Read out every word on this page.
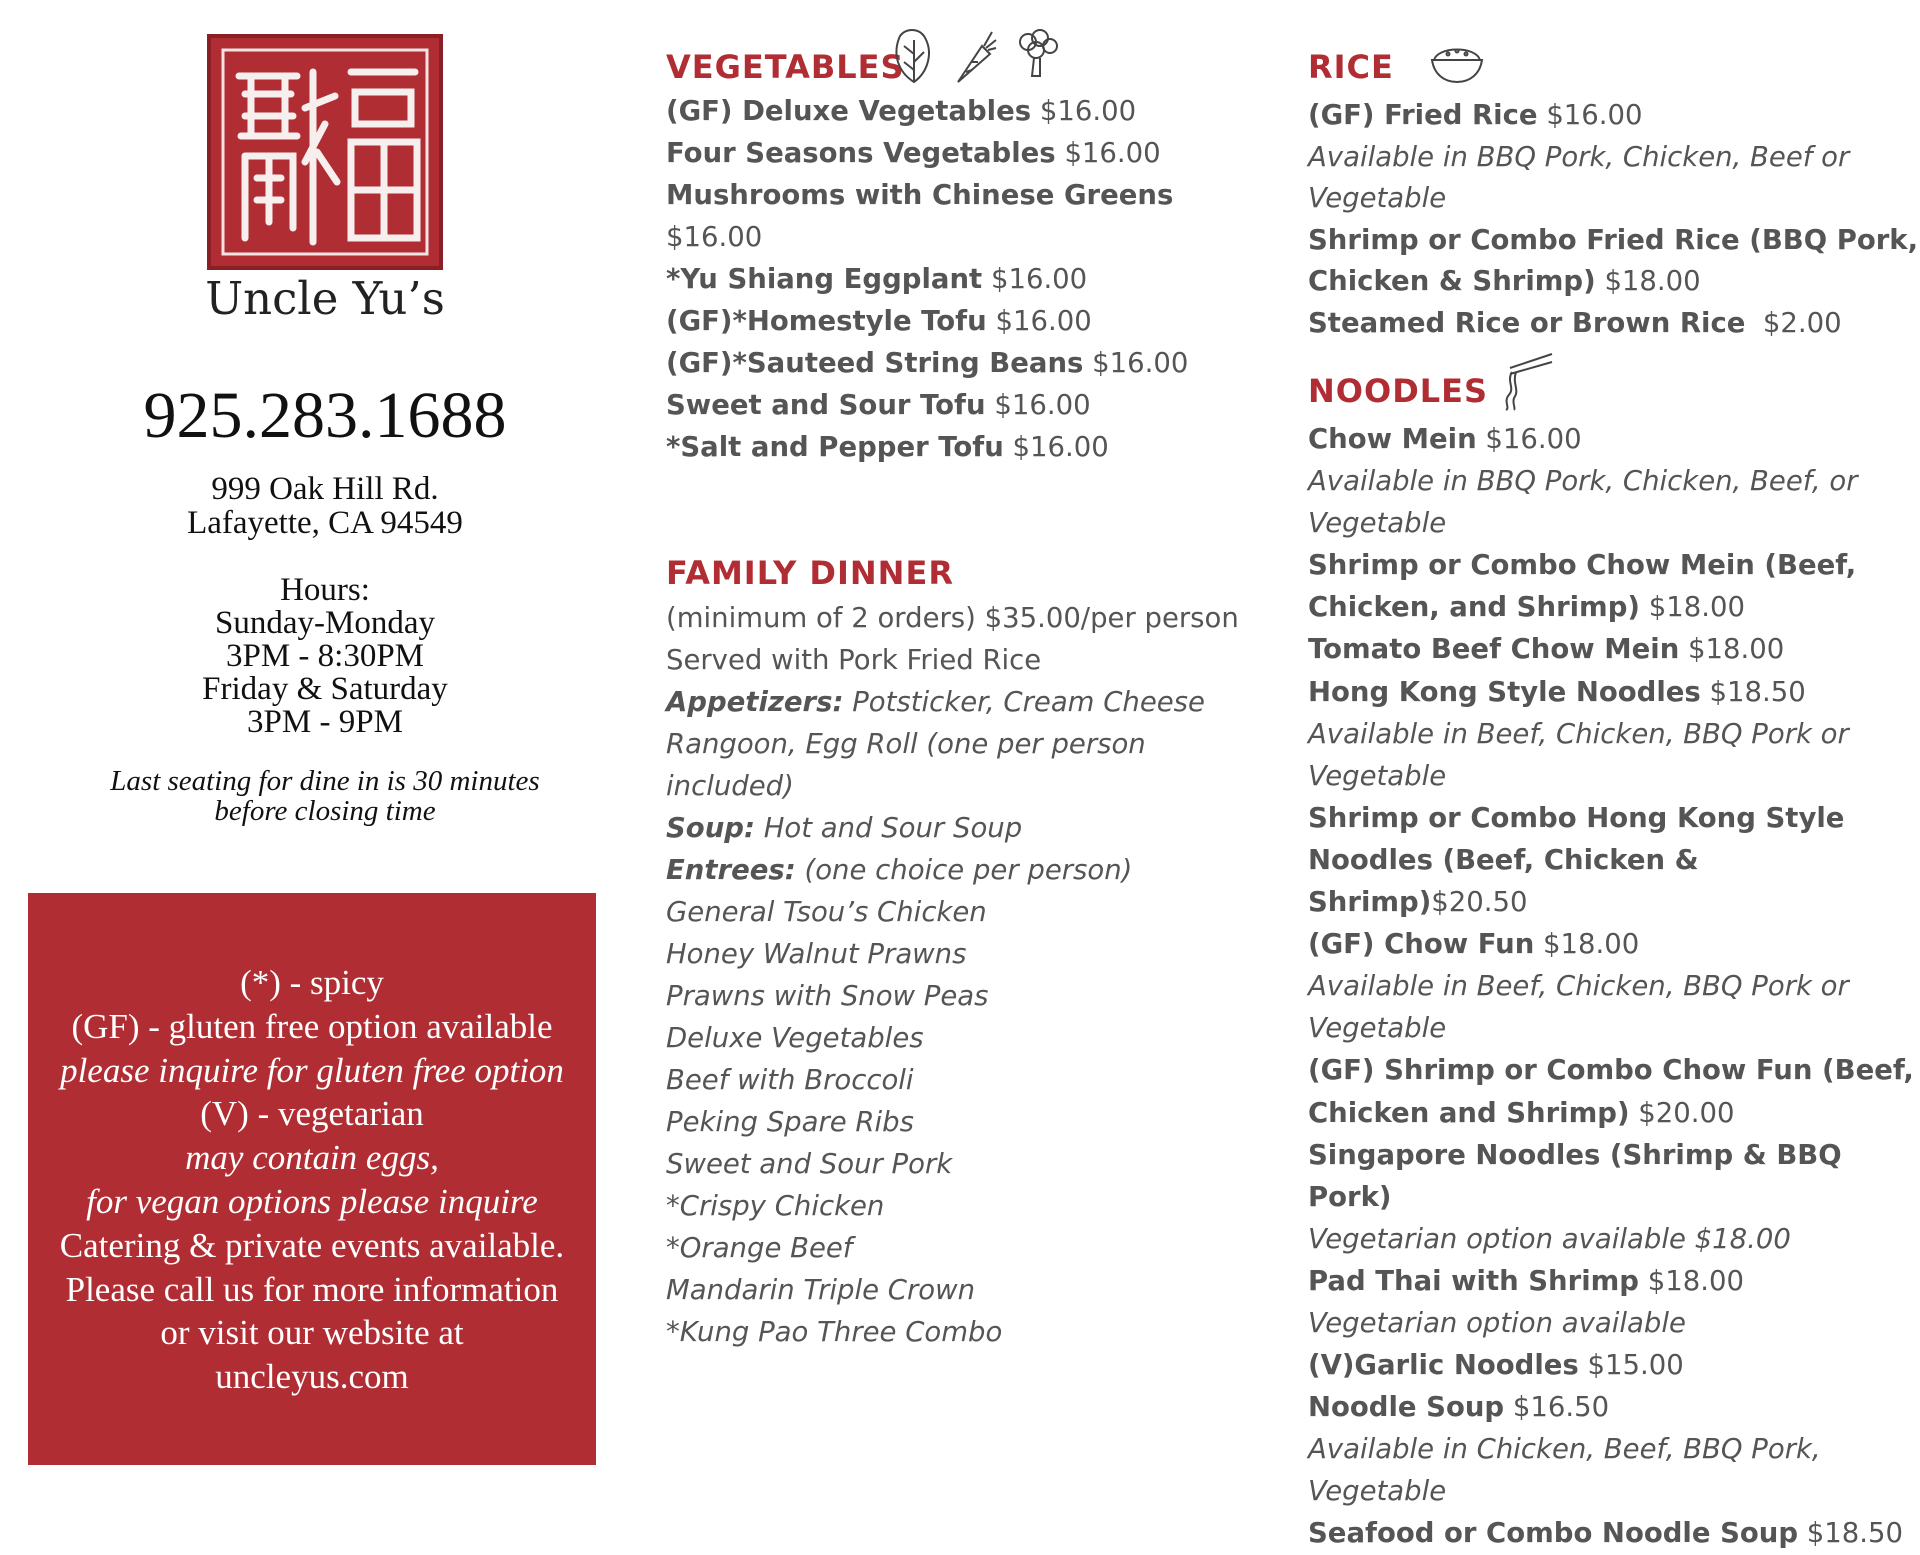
Uncle Yu’s
925.283.1688
999 Oak Hill Rd.
Lafayette, CA 94549
Hours:
Sunday-Monday
3PM - 8:30PM
Friday & Saturday
3PM - 9PM
Last seating for dine in is 30 minutes
before closing time
(*) - spicy
(GF) - gluten free option available
please inquire for gluten free option
(V) - vegetarian
may contain eggs,
for vegan options please inquire
Catering & private events available.
Please call us for more information
or visit our website at
uncleyus.com
VEGETABLES

(GF) Deluxe Vegetables $16.00

Four Seasons Vegetables $16.00

Mushrooms with Chinese Greens $16.00

*Yu Shiang Eggplant $16.00

(GF)*Homestyle Tofu $16.00

(GF)*Sauteed String Beans $16.00

Sweet and Sour Tofu $16.00

*Salt and Pepper Tofu $16.00

FAMILY DINNER

(minimum of 2 orders) $35.00/per person

Served with Pork Fried Rice

Appetizers: Potsticker, Cream Cheese Rangoon, Egg Roll (one per person included)

Soup: Hot and Sour Soup

Entrees: (one choice per person)

General Tsou’s Chicken

Honey Walnut Prawns

Prawns with Snow Peas

Deluxe Vegetables

Beef with Broccoli

Peking Spare Ribs

Sweet and Sour Pork

*Crispy Chicken

*Orange Beef

Mandarin Triple Crown

*Kung Pao Three Combo

RICE

(GF) Fried Rice $16.00

Available in BBQ Pork, Chicken, Beef or Vegetable

Shrimp or Combo Fried Rice (BBQ Pork, Chicken & Shrimp) $18.00

Steamed Rice or Brown Rice $2.00

NOODLES

Chow Mein $16.00

Available in BBQ Pork, Chicken, Beef, or Vegetable

Shrimp or Combo Chow Mein (Beef, Chicken, and Shrimp) $18.00

Tomato Beef Chow Mein $18.00

Hong Kong Style Noodles $18.50

Available in Beef, Chicken, BBQ Pork or Vegetable

Shrimp or Combo Hong Kong Style Noodles (Beef, Chicken & Shrimp)$20.50

(GF) Chow Fun $18.00

Available in Beef, Chicken, BBQ Pork or Vegetable

(GF) Shrimp or Combo Chow Fun (Beef, Chicken and Shrimp) $20.00

Singapore Noodles (Shrimp & BBQ Pork)

Vegetarian option available $18.00

Pad Thai with Shrimp $18.00

Vegetarian option available

(V)Garlic Noodles $15.00

Noodle Soup $16.50

Available in Chicken, Beef, BBQ Pork, Vegetable

Seafood or Combo Noodle Soup $18.50
